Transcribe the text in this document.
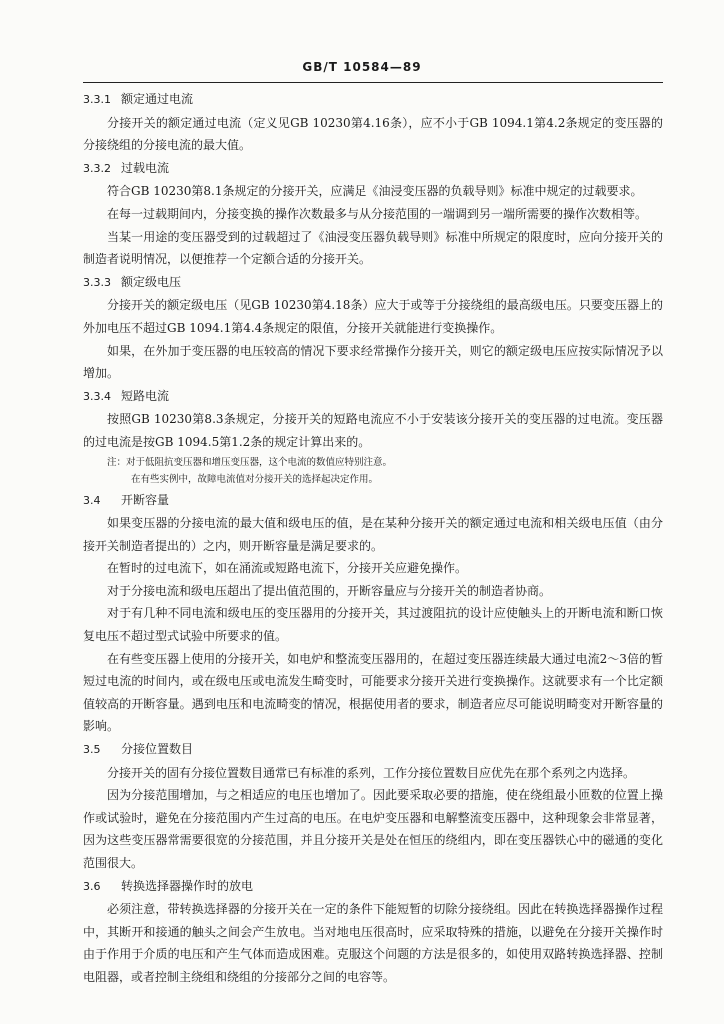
GB/T 10584—89
3.3.1 额定通过电流

分接开关的额定通过电流（定义见GB 10230第4.16条），应不小于GB 1094.1第4.2条规定的变压器的分接绕组的分接电流的最大值。

3.3.2 过载电流

符合GB 10230第8.1条规定的分接开关，应满足《油浸变压器的负载导则》标准中规定的过载要求。

在每一过载期间内，分接变换的操作次数最多与从分接范围的一端调到另一端所需要的操作次数相等。

当某一用途的变压器受到的过载超过了《油浸变压器负载导则》标准中所规定的限度时，应向分接开关的制造者说明情况，以便推荐一个定额合适的分接开关。

3.3.3 额定级电压

分接开关的额定级电压（见GB 10230第4.18条）应大于或等于分接绕组的最高级电压。只要变压器上的外加电压不超过GB 1094.1第4.4条规定的限值，分接开关就能进行变换操作。

如果，在外加于变压器的电压较高的情况下要求经常操作分接开关，则它的额定级电压应按实际情况予以增加。

3.3.4 短路电流

按照GB 10230第8.3条规定，分接开关的短路电流应不小于安装该分接开关的变压器的过电流。变压器的过电流是按GB 1094.5第1.2条的规定计算出来的。

注：对于低阻抗变压器和增压变压器，这个电流的数值应特别注意。

在有些实例中，故障电流值对分接开关的选择起决定作用。

3.4 开断容量

如果变压器的分接电流的最大值和级电压的值，是在某种分接开关的额定通过电流和相关级电压值（由分接开关制造者提出的）之内，则开断容量是满足要求的。

在暂时的过电流下，如在涌流或短路电流下，分接开关应避免操作。

对于分接电流和级电压超出了提出值范围的，开断容量应与分接开关的制造者协商。

对于有几种不同电流和级电压的变压器用的分接开关，其过渡阻抗的设计应使触头上的开断电流和断口恢复电压不超过型式试验中所要求的值。

在有些变压器上使用的分接开关，如电炉和整流变压器用的，在超过变压器连续最大通过电流2～3倍的暂短过电流的时间内，或在级电压或电流发生畸变时，可能要求分接开关进行变换操作。这就要求有一个比定额值较高的开断容量。遇到电压和电流畸变的情况，根据使用者的要求，制造者应尽可能说明畸变对开断容量的影响。

3.5 分接位置数目

分接开关的固有分接位置数目通常已有标准的系列，工作分接位置数目应优先在那个系列之内选择。

因为分接范围增加，与之相适应的电压也增加了。因此要采取必要的措施，使在绕组最小匝数的位置上操作或试验时，避免在分接范围内产生过高的电压。在电炉变压器和电解整流变压器中，这种现象会非常显著，因为这些变压器常需要很宽的分接范围，并且分接开关是处在恒压的绕组内，即在变压器铁心中的磁通的变化范围很大。

3.6 转换选择器操作时的放电

必须注意，带转换选择器的分接开关在一定的条件下能短暂的切除分接绕组。因此在转换选择器操作过程中，其断开和接通的触头之间会产生放电。当对地电压很高时，应采取特殊的措施，以避免在分接开关操作时由于作用于介质的电压和产生气体而造成困难。克服这个问题的方法是很多的，如使用双路转换选择器、控制电阻器，或者控制主绕组和绕组的分接部分之间的电容等。
